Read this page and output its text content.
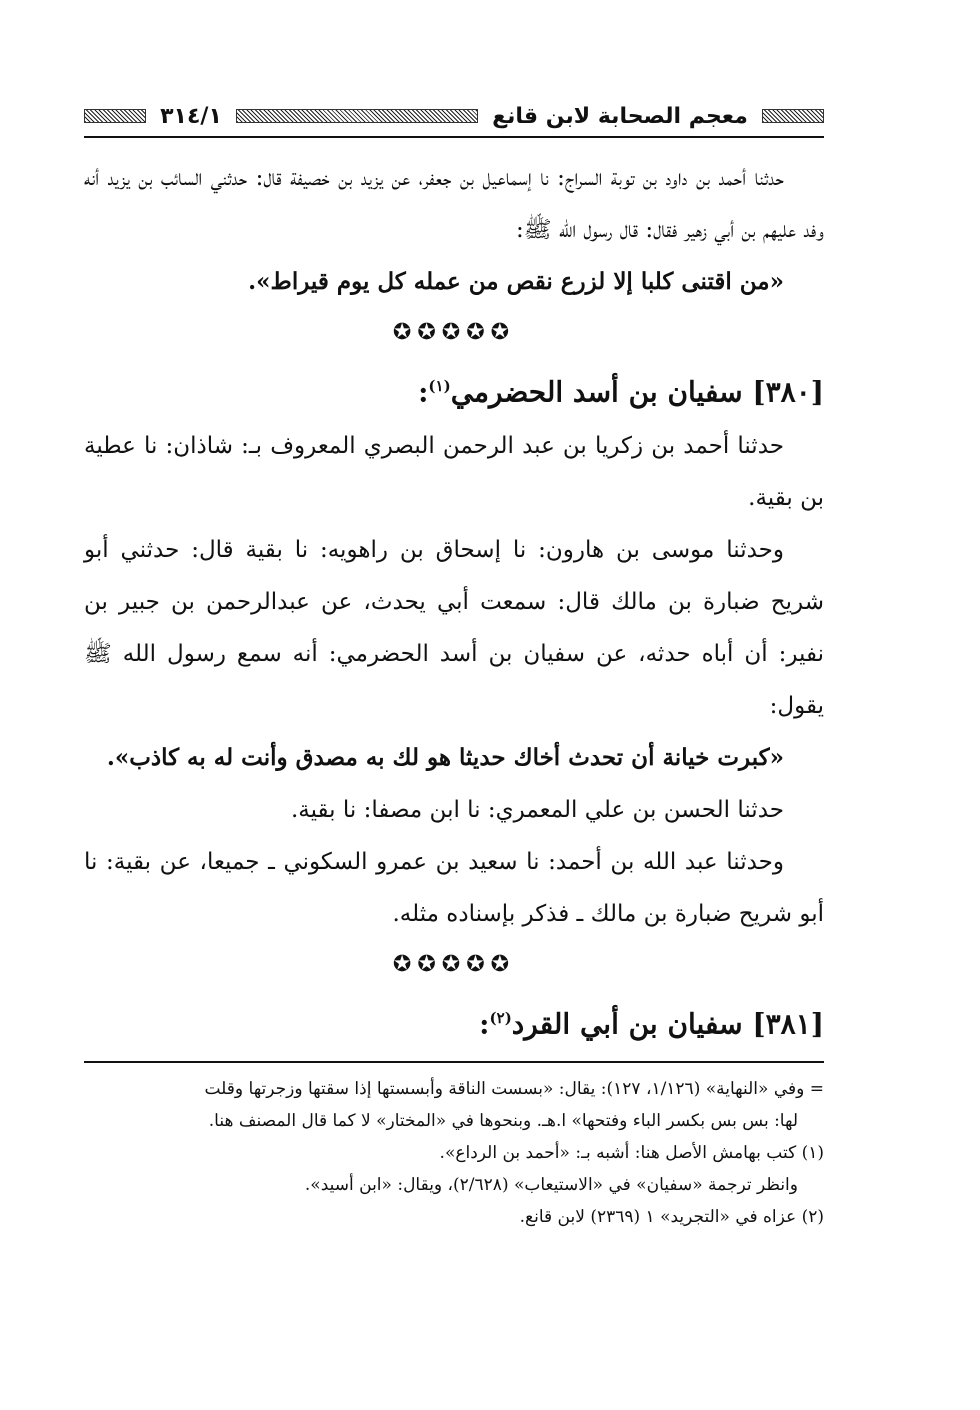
٣١٤/١	معجم الصحابة لابن قانع

حدثنا أحمد بن داود بن توبة السراج: نا إسماعيل بن جعفر، عن يزيد بن خصيفة قال: حدثني السائب بن يزيد أنه وفد عليهم بن أبي زهير فقال: قال رسول الله ﷺ:

«من اقتنى كلبا إلا لزرع نقص من عمله كل يوم قيراط».

✪✪✪✪✪
[٣٨٠] سفيان بن أسد الحضرمي$^{(١)}$:

حدثنا أحمد بن زكريا بن عبد الرحمن البصري المعروف بـ: شاذان: نا عطية بن بقية.

وحدثنا موسى بن هارون: نا إسحاق بن راهويه: نا بقية قال: حدثني أبو شريح ضبارة بن مالك قال: سمعت أبي يحدث، عن عبدالرحمن بن جبير بن نفير: أن أباه حدثه، عن سفيان بن أسد الحضرمي: أنه سمع رسول الله ﷺ يقول:

«كبرت خيانة أن تحدث أخاك حديثا هو لك به مصدق وأنت له به كاذب».

حدثنا الحسن بن علي المعمري: نا ابن مصفا: نا بقية.

وحدثنا عبد الله بن أحمد: نا سعيد بن عمرو السكوني ـ جميعا، عن بقية: نا أبو شريح ضبارة بن مالك ـ فذكر بإسناده مثله.

✪✪✪✪✪
[٣٨١] سفيان بن أبي القرد$^{(٢)}$:

= وفي «النهاية» (١/١٢٦، ١٢٧): يقال: «بسست الناقة وأبسستها إذا سقتها وزجرتها وقلت

لها: بس بس بكسر الباء وفتحها» ا.هـ. وبنحوها في «المختار» لا كما قال المصنف هنا.

(١) كتب بهامش الأصل هنا: أشبه بـ: «أحمد بن الرداع».

وانظر ترجمة «سفيان» في «الاستيعاب» (٢/٦٢٨)، ويقال: «ابن أسيد».

(٢) عزاه في «التجريد» ١ (٢٣٦٩) لابن قانع.
